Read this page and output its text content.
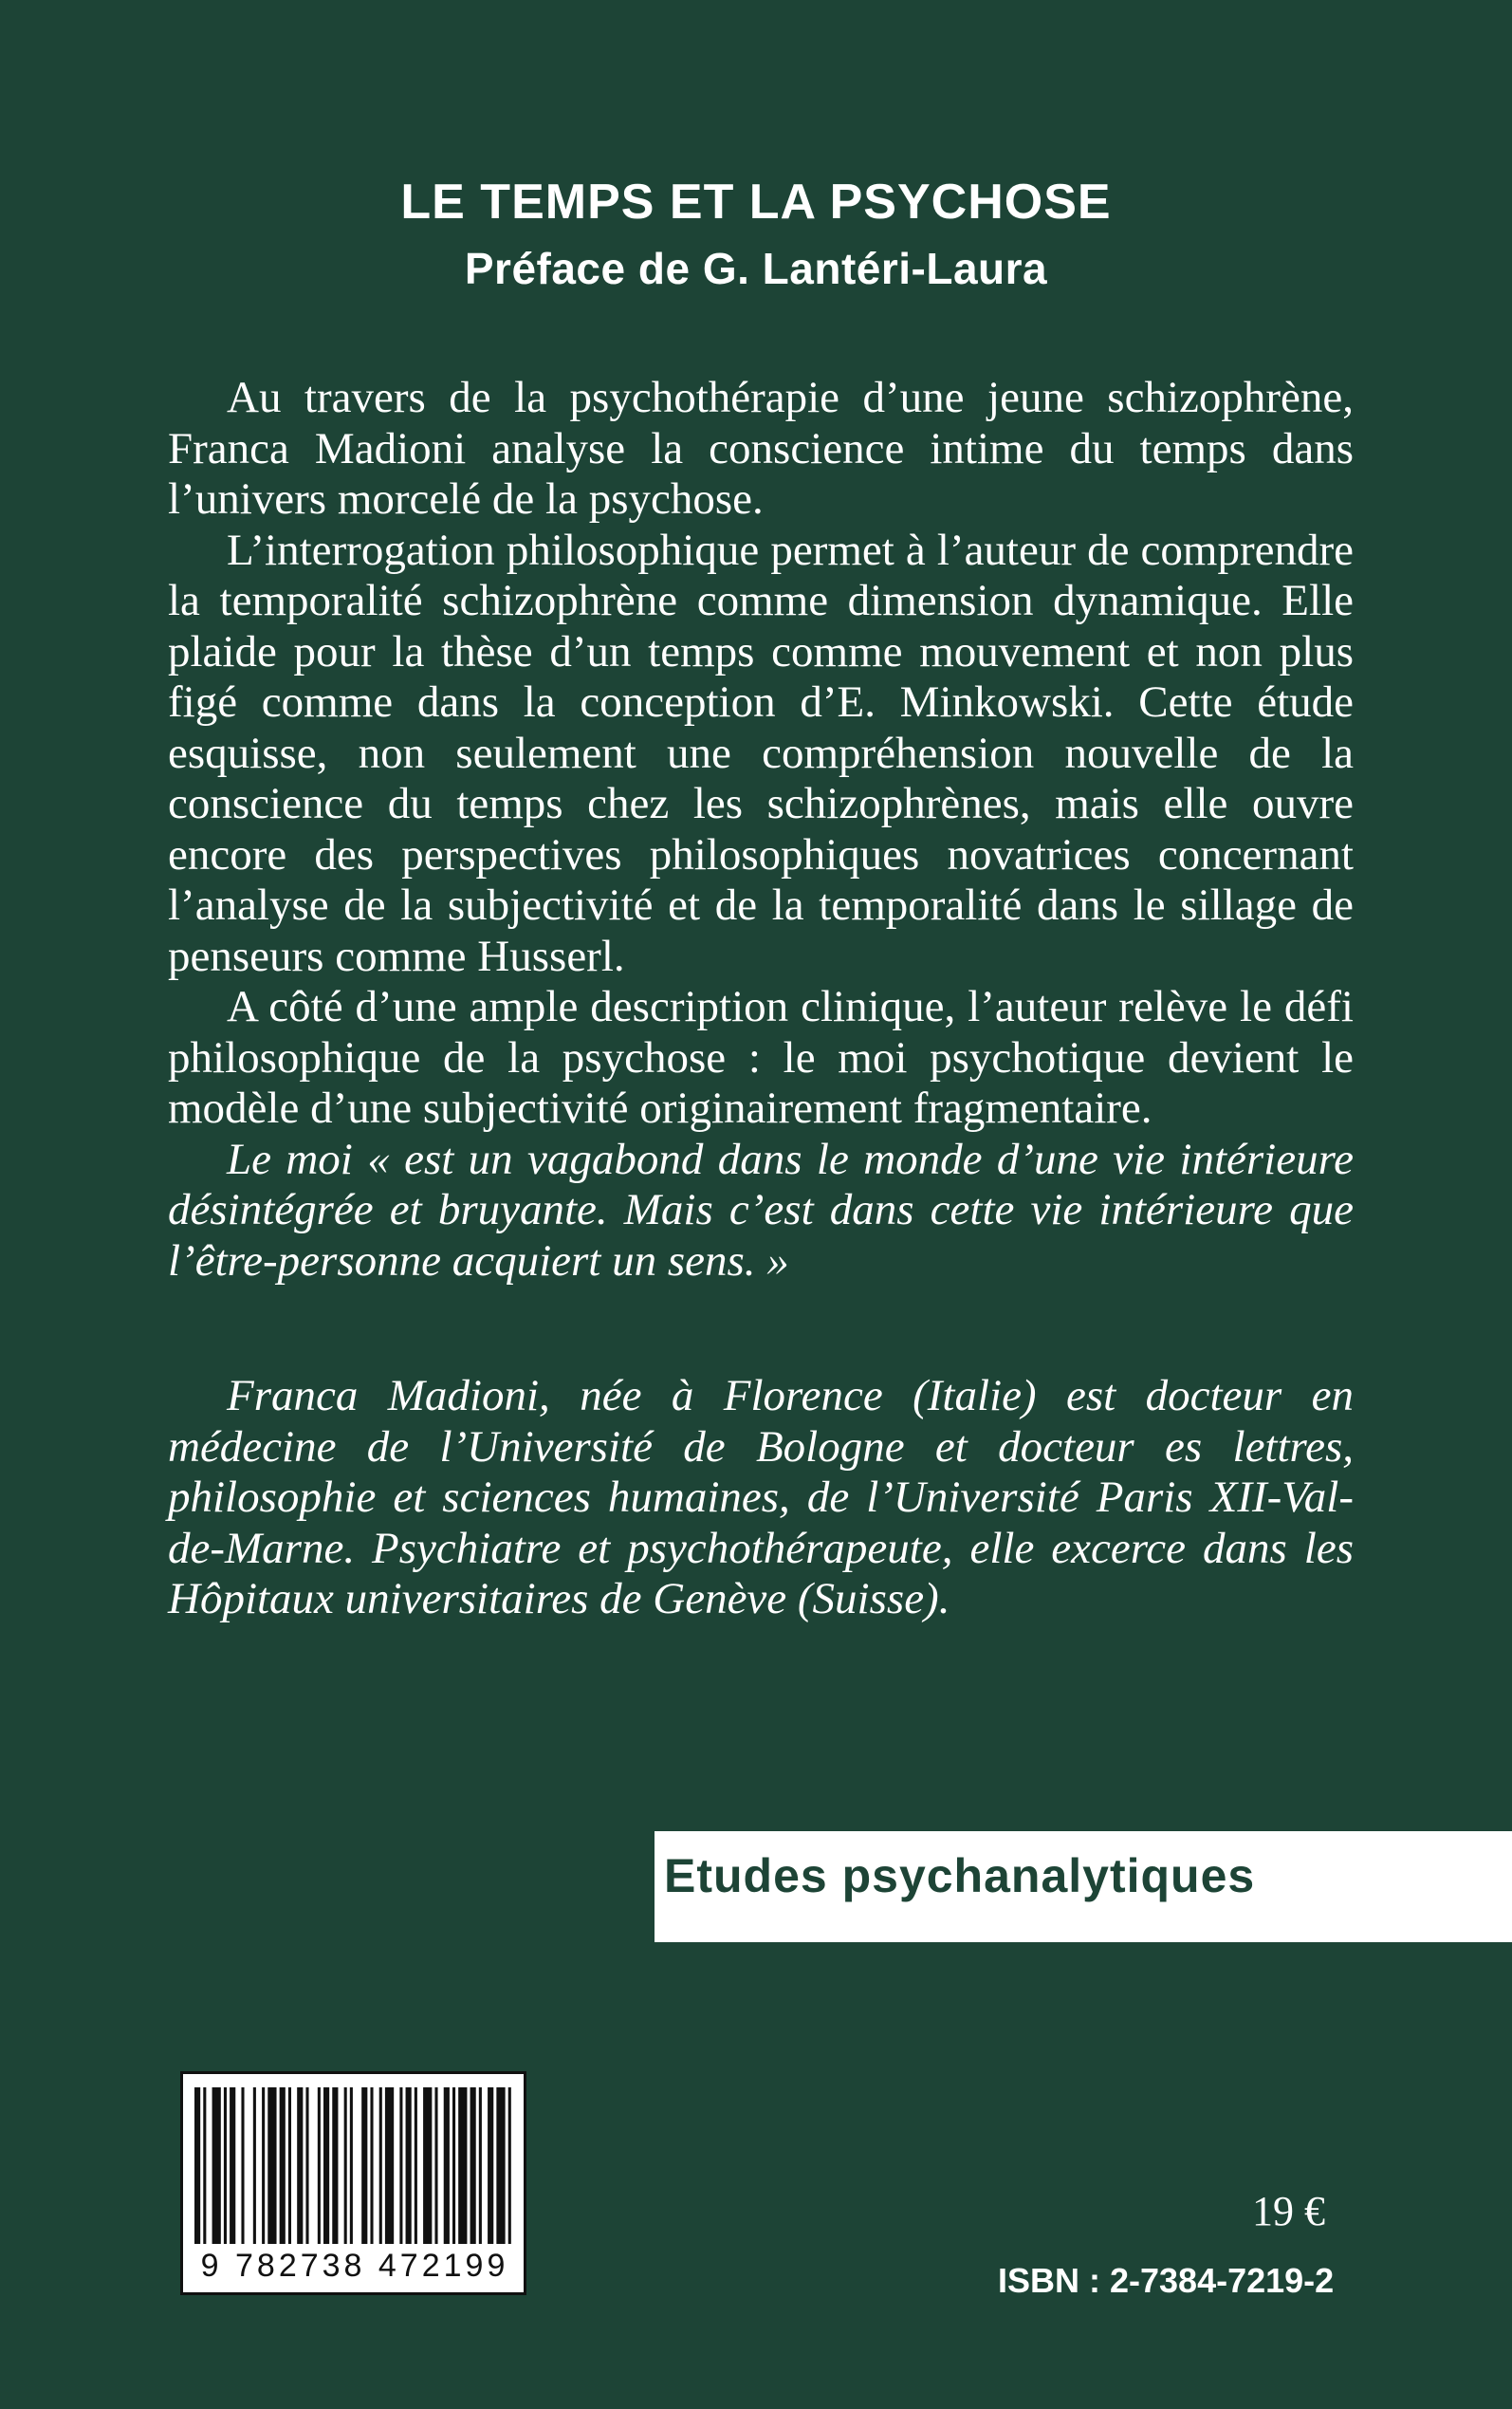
LE TEMPS ET LA PSYCHOSE
Préface de G. Lantéri-Laura

Au travers de la psychothérapie d’une jeune schizophrène, Franca Madioni analyse la conscience intime du temps dans l’univers morcelé de la psychose.

L’interrogation philosophique permet à l’auteur de comprendre la temporalité schizophrène comme dimension dynamique. Elle plaide pour la thèse d’un temps comme mouvement et non plus figé comme dans la conception d’E. Minkowski. Cette étude esquisse, non seulement une compréhension nouvelle de la conscience du temps chez les schizophrènes, mais elle ouvre encore des perspectives philosophiques novatrices concernant l’analyse de la subjectivité et de la temporalité dans le sillage de penseurs comme Husserl.

A côté d’une ample description clinique, l’auteur relève le défi philosophique de la psychose : le moi psychotique devient le modèle d’une subjectivité originairement fragmentaire.

Le moi « est un vagabond dans le monde d’une vie intérieure désintégrée et bruyante. Mais c’est dans cette vie intérieure que l’être-personne acquiert un sens. »

Franca Madioni, née à Florence (Italie) est docteur en médecine de l’Université de Bologne et docteur es lettres, philosophie et sciences humaines, de l’Université Paris XII-Val-de-Marne. Psychiatre et psychothérapeute, elle excerce dans les Hôpitaux universitaires de Genève (Suisse).

Etudes psychanalytiques
9 782738 472199
19 €
ISBN : 2-7384-7219-2
